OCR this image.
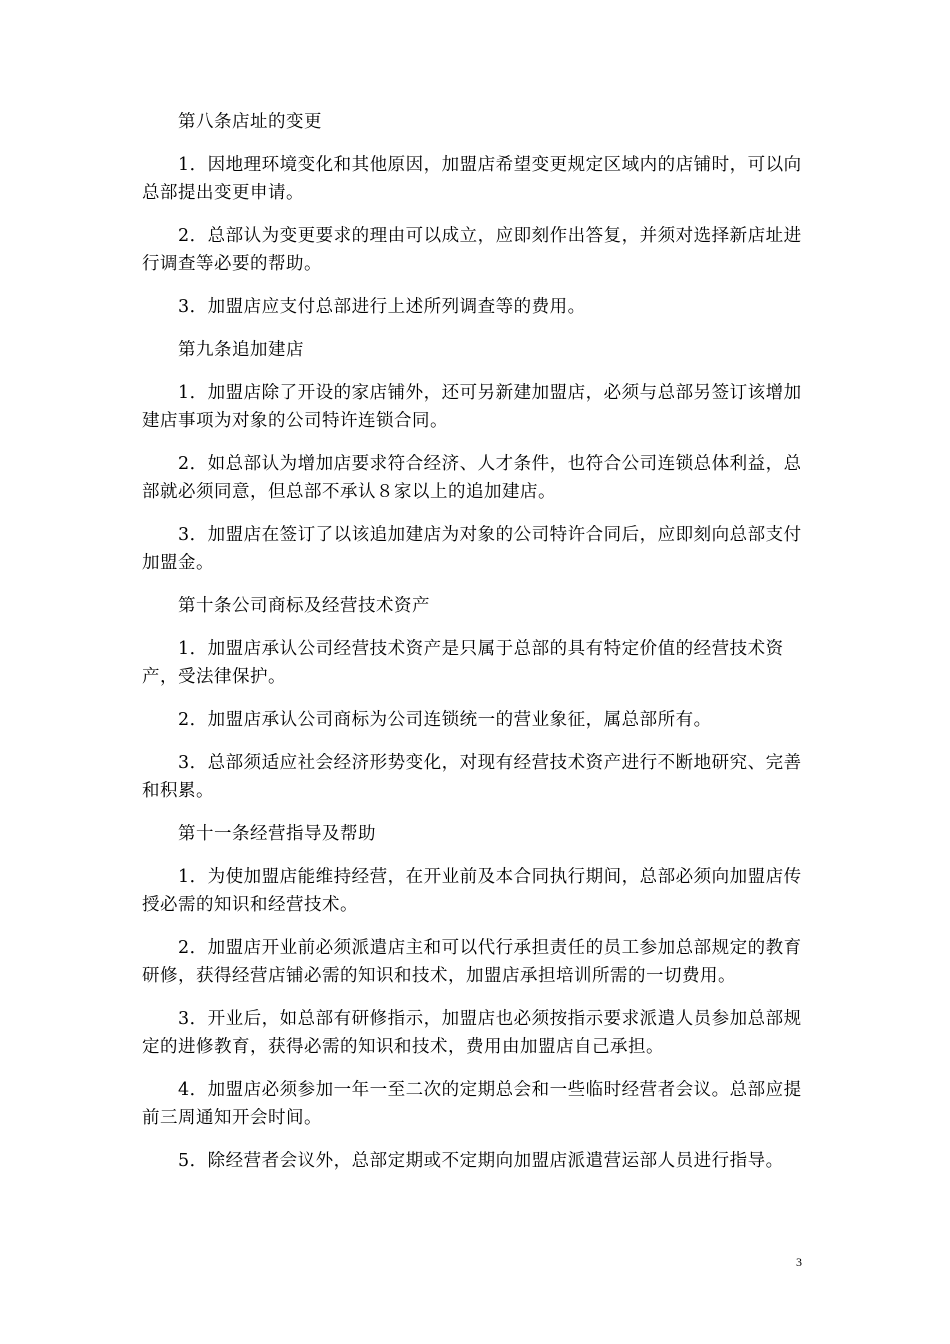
第八条店址的变更

1．因地理环境变化和其他原因，加盟店希望变更规定区域内的店铺时，可以向总部提出变更申请。

2．总部认为变更要求的理由可以成立，应即刻作出答复，并须对选择新店址进行调查等必要的帮助。

3．加盟店应支付总部进行上述所列调查等的费用。

第九条追加建店

1．加盟店除了开设的家店铺外，还可另新建加盟店，必须与总部另签订该增加建店事项为对象的公司特许连锁合同。

2．如总部认为增加店要求符合经济、人才条件，也符合公司连锁总体利益，总部就必须同意，但总部不承认８家以上的追加建店。

3．加盟店在签订了以该追加建店为对象的公司特许合同后，应即刻向总部支付加盟金。

第十条公司商标及经营技术资产

1．加盟店承认公司经营技术资产是只属于总部的具有特定价值的经营技术资产，受法律保护。

2．加盟店承认公司商标为公司连锁统一的营业象征，属总部所有。

3．总部须适应社会经济形势变化，对现有经营技术资产进行不断地研究、完善和积累。

第十一条经营指导及帮助

1．为使加盟店能维持经营，在开业前及本合同执行期间，总部必须向加盟店传授必需的知识和经营技术。

2．加盟店开业前必须派遣店主和可以代行承担责任的员工参加总部规定的教育研修，获得经营店铺必需的知识和技术，加盟店承担培训所需的一切费用。

3．开业后，如总部有研修指示，加盟店也必须按指示要求派遣人员参加总部规定的进修教育，获得必需的知识和技术，费用由加盟店自己承担。

4．加盟店必须参加一年一至二次的定期总会和一些临时经营者会议。总部应提前三周通知开会时间。

5．除经营者会议外，总部定期或不定期向加盟店派遣营运部人员进行指导。

3
